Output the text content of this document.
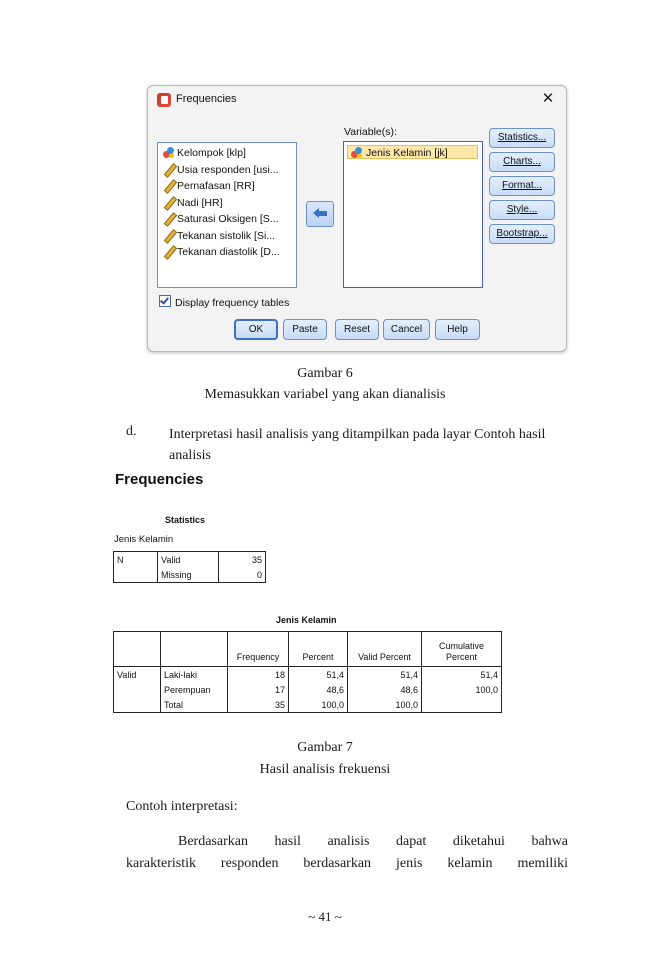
Frequencies	✕
Kelompok [klp]
Usia responden [usi...
Pernafasan [RR]
Nadi [HR]
Saturasi Oksigen [S...
Tekanan sistolik [Si...
Tekanan diastolik [D...
Variable(s):
Jenis Kelamin [jk]
Statistics...
Charts...
Format...
Style...
Bootstrap...
Display frequency tables
OK	Paste	Reset	Cancel	Help
Gambar 6
Memasukkan variabel yang akan dianalisis
d. Interpretasi hasil analisis yang ditampilkan pada layar Contoh hasil analisis
Frequencies
Statistics
Jenis Kelamin
N	Valid	35
	Missing	0
Jenis Kelamin
		Frequency	Percent	Valid Percent	Cumulative Percent
Valid	Laki-laki	18	51,4	51,4	51,4
	Perempuan	17	48,6	48,6	100,0
	Total	35	100,0	100,0	
Gambar 7
Hasil analisis frekuensi
Contoh interpretasi:
Berdasarkan hasil analisis dapat diketahui bahwa
karakteristik responden berdasarkan jenis kelamin memiliki
~ 41 ~
